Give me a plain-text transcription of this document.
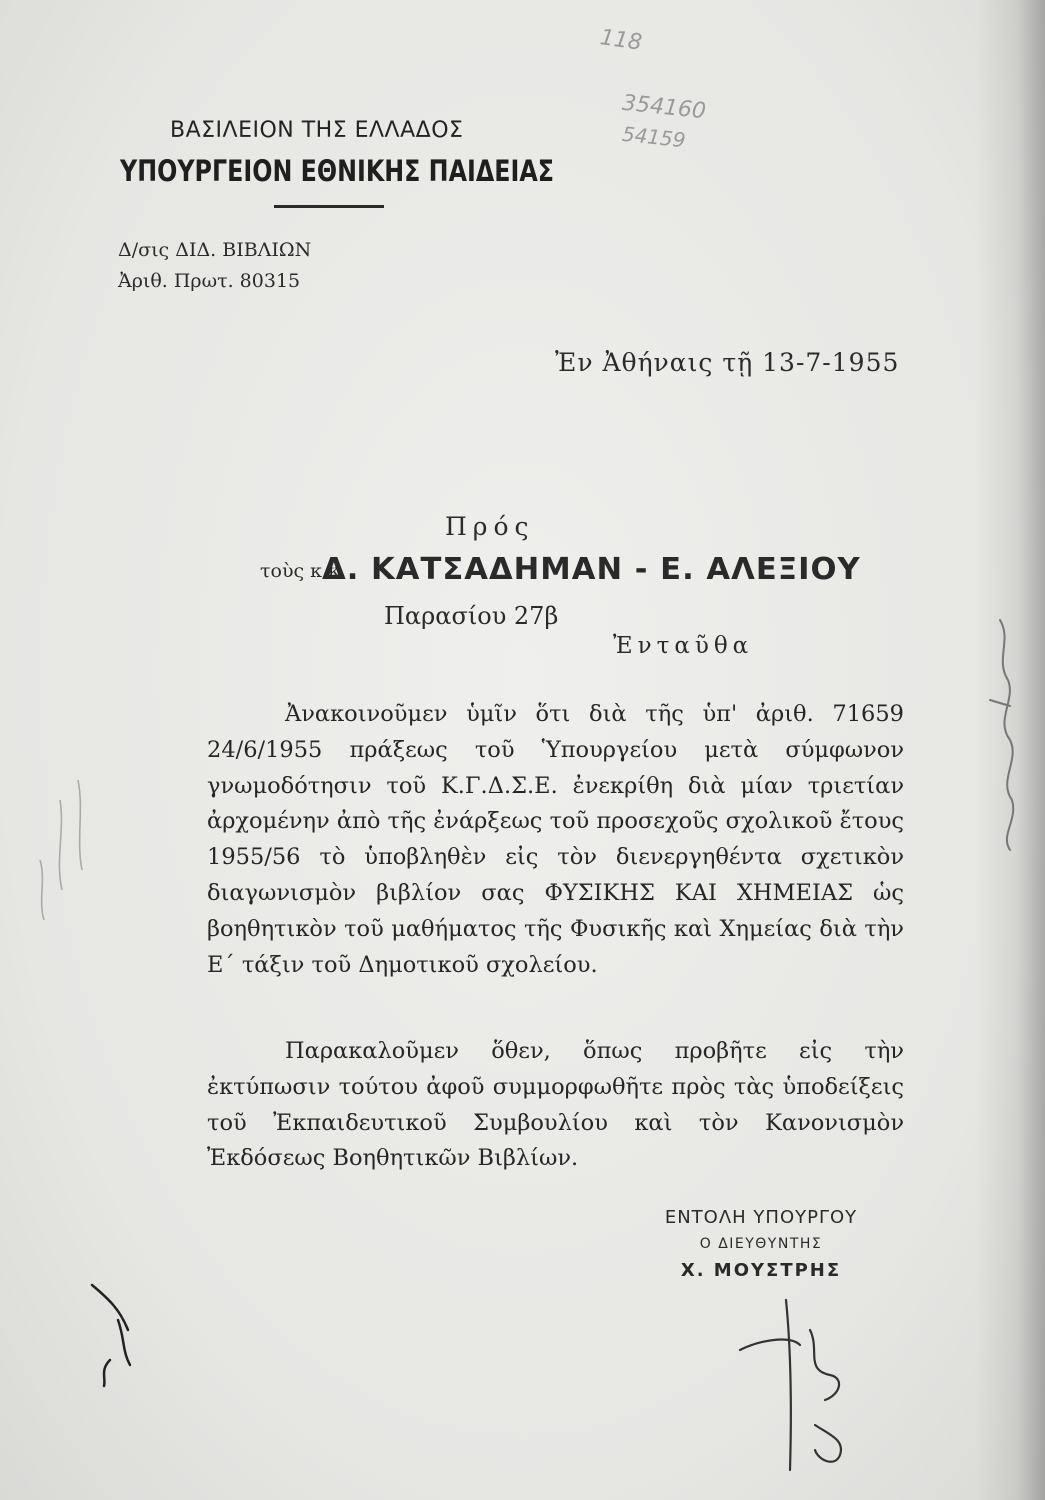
ΒΑΣΙΛΕΙΟΝ ΤΗΣ ΕΛΛΑΔΟΣ
ΥΠΟΥΡΓΕΙΟΝ ΕΘΝΙΚΗΣ ΠΑΙΔΕΙΑΣ
Δ/σις ΔΙΔ. ΒΙΒΛΙΩΝ
Ἀριθ. Πρωτ. 80315
118
354160
54159
Ἐν Ἀθήναις τῇ 13-7-1955
Πρός
τοὺς κ.κ.
Δ. ΚΑΤΣΑΔΗΜΑΝ - Ε. ΑΛΕΞΙΟΥ
Παρασίου 27β
Ἐνταῦθα

Ἀνακοινοῦμεν ὑμῖν ὅτι διὰ τῆς ὑπ' ἀριθ. 71659 24/6/1955 πράξεως τοῦ Ὑπουργείου μετὰ σύμφωνον γνωμοδότησιν τοῦ Κ.Γ.Δ.Σ.Ε. ἐνεκρίθη διὰ μίαν τριετίαν ἀρχομένην ἀπὸ τῆς ἐνάρξεως τοῦ προσεχοῦς σχολικοῦ ἔτους 1955/56 τὸ ὑποβληθὲν εἰς τὸν διενεργηθέντα σχετικὸν διαγωνισμὸν βιβλίον σας ΦΥΣΙΚΗΣ ΚΑΙ ΧΗΜΕΙΑΣ ὡς βοηθητικὸν τοῦ μαθήματος τῆς Φυσικῆς καὶ Χημείας διὰ τὴν Ε΄ τάξιν τοῦ Δημοτικοῦ σχολείου.

Παρακαλοῦμεν ὅθεν, ὅπως προβῆτε εἰς τὴν ἐκτύπωσιν τούτου ἀφοῦ συμμορφωθῆτε πρὸς τὰς ὑποδείξεις τοῦ Ἐκπαιδευτικοῦ Συμβουλίου καὶ τὸν Κανονισμὸν Ἐκδόσεως Βοηθητικῶν Βιβλίων.

ΕΝΤΟΛΗ ΥΠΟΥΡΓΟΥ
Ο ΔΙΕΥΘΥΝΤΗΣ
Χ. ΜΟΥΣΤΡΗΣ
